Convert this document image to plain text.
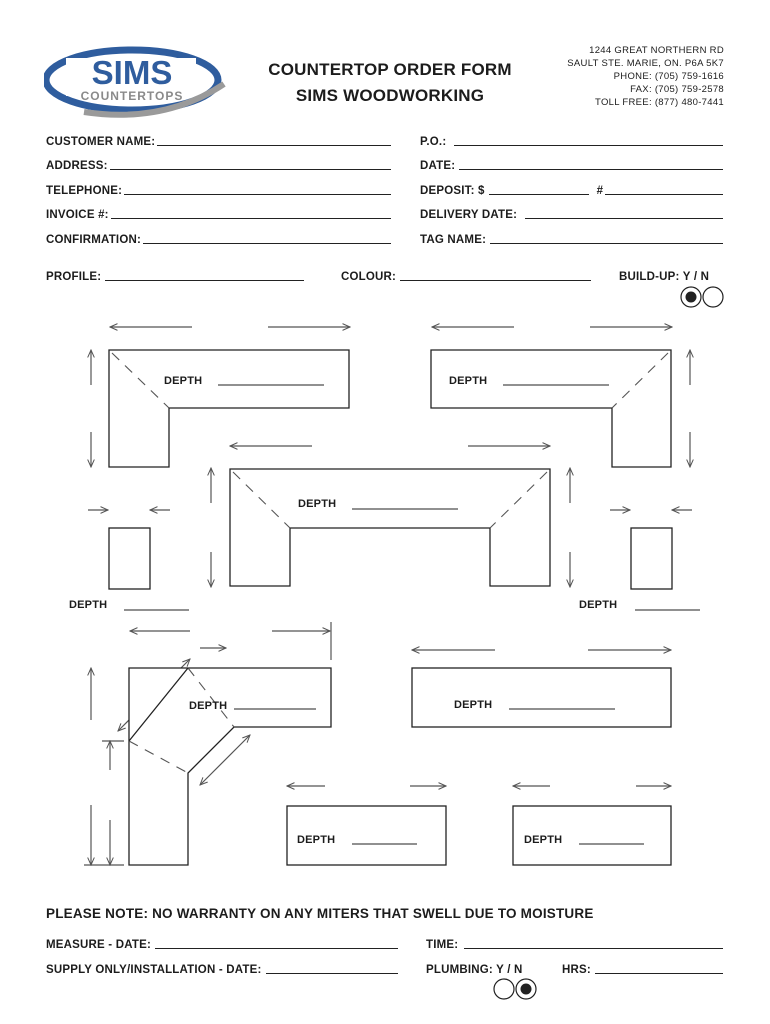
SIMS
COUNTERTOPS
COUNTERTOP ORDER FORM
SIMS WOODWORKING
1244 GREAT NORTHERN RD
SAULT STE. MARIE, ON. P6A 5K7
PHONE: (705) 759-1616
FAX: (705) 759-2578
TOLL FREE: (877) 480-7441
CUSTOMER NAME:
ADDRESS:
TELEPHONE:
INVOICE #:
CONFIRMATION:
P.O.:
DATE:
DEPOSIT: $	#
DELIVERY DATE:
TAG NAME:
PROFILE:	COLOUR:	BUILD-UP: Y / N
DEPTH	DEPTH
DEPTH
DEPTH	DEPTH
DEPTH	DEPTH
DEPTH	DEPTH
PLEASE NOTE: NO WARRANTY ON ANY MITERS THAT SWELL DUE TO MOISTURE
MEASURE - DATE:
SUPPLY ONLY/INSTALLATION - DATE:
TIME:
PLUMBING: Y / N	HRS:
